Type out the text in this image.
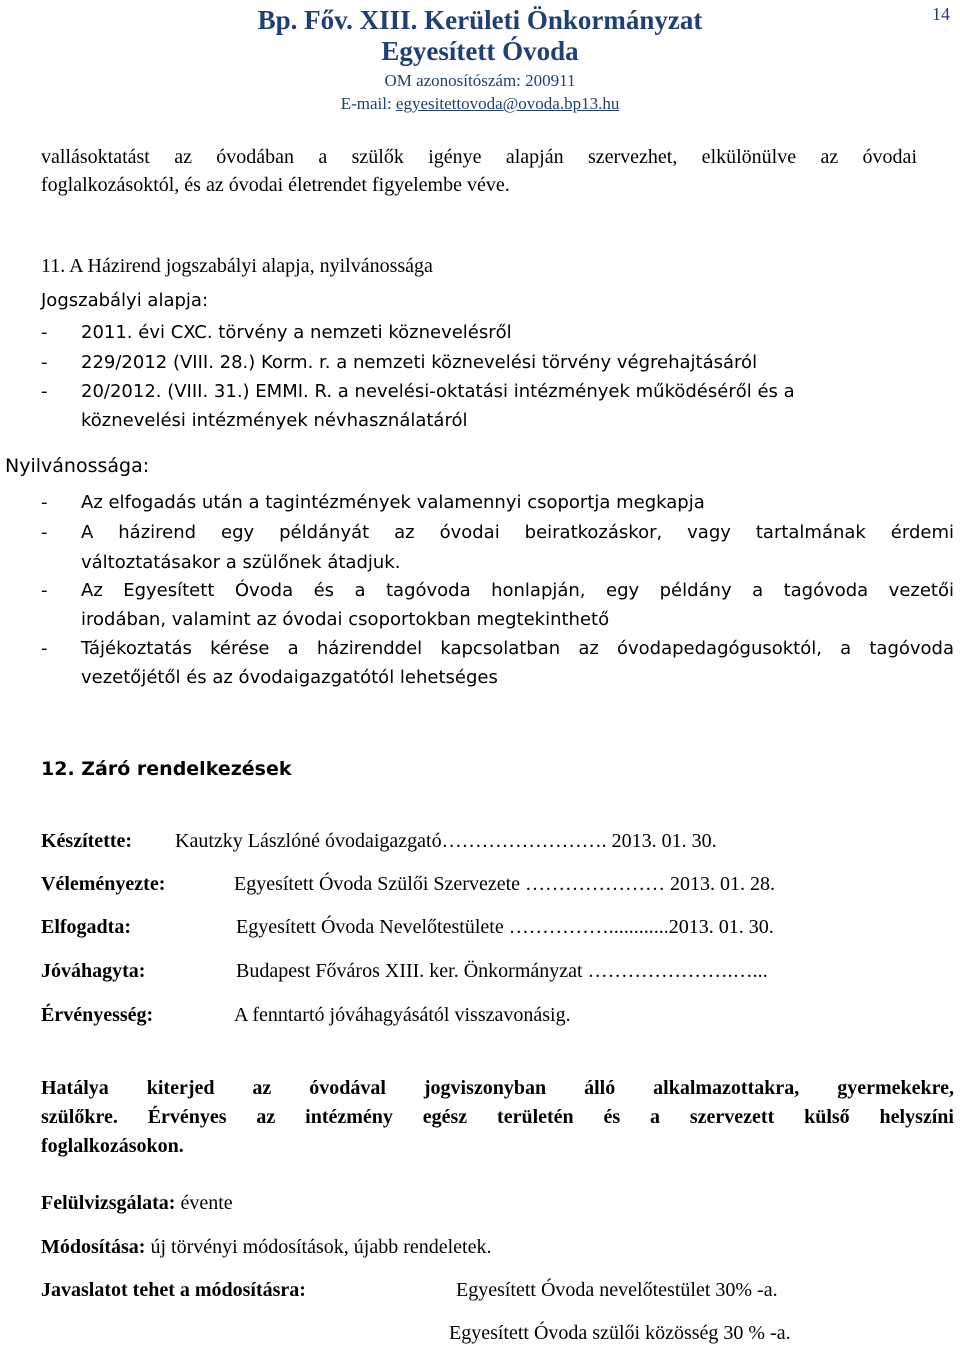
Bp. Főv. XIII. Kerületi Önkormányzat
Egyesített Óvoda
OM azonosítószám: 200911
E-mail: egyesitettovoda@ovoda.bp13.hu
14
vallásoktatást az óvodában a szülők igénye alapján szervezhet, elkülönülve az óvodai
foglalkozásoktól, és az óvodai életrendet figyelembe véve.
11. A Házirend jogszabályi alapja, nyilvánossága
Jogszabályi alapja:
- 2011. évi CXC. törvény a nemzeti köznevelésről
- 229/2012 (VIII. 28.) Korm. r. a nemzeti köznevelési törvény végrehajtásáról
- 20/2012. (VIII. 31.) EMMI. R. a nevelési-oktatási intézmények működéséről és a
köznevelési intézmények névhasználatáról
Nyilvánossága:
- Az elfogadás után a tagintézmények valamennyi csoportja megkapja
- A házirend egy példányát az óvodai beiratkozáskor, vagy tartalmának érdemi
változtatásakor a szülőnek átadjuk.
- Az Egyesített Óvoda és a tagóvoda honlapján, egy példány a tagóvoda vezetői
irodában, valamint az óvodai csoportokban megtekinthető
- Tájékoztatás kérése a házirenddel kapcsolatban az óvodapedagógusoktól, a tagóvoda
vezetőjétől és az óvodaigazgatótól lehetséges
12. Záró rendelkezések
Készítette: Kautzky Lászlóné óvodaigazgató……………………. 2013. 01. 30.
Véleményezte:	Egyesített Óvoda Szülői Szervezete ………………… 2013. 01. 28.
Elfogadta:	Egyesített Óvoda Nevelőtestülete ……………............2013. 01. 30.
Jóváhagyta:	Budapest Főváros XIII. ker. Önkormányzat ………………….…...
Érvényesség:	A fenntartó jóváhagyásától visszavonásig.
Hatálya kiterjed az óvodával jogviszonyban álló alkalmazottakra, gyermekekre,
szülőkre. Érvényes az intézmény egész területén és a szervezett külső helyszíni
foglalkozásokon.
Felülvizsgálata: évente
Módosítása: új törvényi módosítások, újabb rendeletek.
Javaslatot tehet a módosításra:	Egyesített Óvoda nevelőtestület 30% -a.
Egyesített Óvoda szülői közösség 30 % -a.
